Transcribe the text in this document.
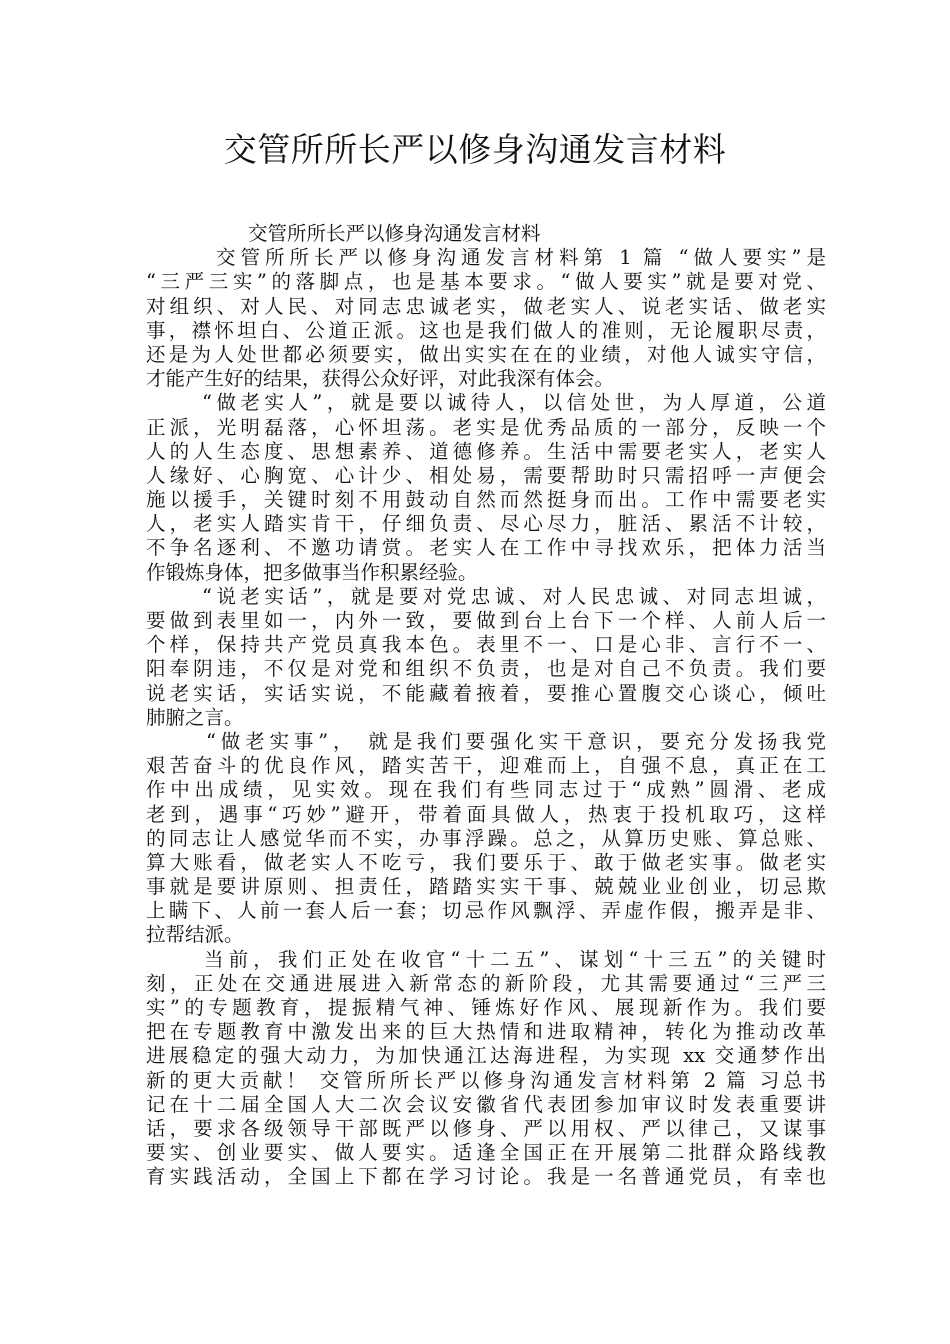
交管所所长严以修身沟通发言材料
交管所所长严以修身沟通发言材料
交管所所长严以修身沟通发言材料第 1 篇 “做人要实”是
“三严三实”的落脚点，也是基本要求。“做人要实”就是要对党、
对组织、对人民、对同志忠诚老实，做老实人、说老实话、做老实
事，襟怀坦白、公道正派。这也是我们做人的准则，无论履职尽责，
还是为人处世都必须要实，做出实实在在的业绩，对他人诚实守信，
才能产生好的结果，获得公众好评，对此我深有体会。
“做老实人”，就是要以诚待人，以信处世，为人厚道，公道
正派，光明磊落，心怀坦荡。老实是优秀品质的一部分，反映一个
人的人生态度、思想素养、道德修养。生活中需要老实人，老实人
人缘好、心胸宽、心计少、相处易，需要帮助时只需招呼一声便会
施以援手，关键时刻不用鼓动自然而然挺身而出。工作中需要老实
人，老实人踏实肯干，仔细负责、尽心尽力，脏活、累活不计较，
不争名逐利、不邀功请赏。老实人在工作中寻找欢乐，把体力活当
作锻炼身体，把多做事当作积累经验。
“说老实话”，就是要对党忠诚、对人民忠诚、对同志坦诚，
要做到表里如一，内外一致，要做到台上台下一个样、人前人后一
个样，保持共产党员真我本色。表里不一、口是心非、言行不一、
阳奉阴违，不仅是对党和组织不负责，也是对自己不负责。我们要
说老实话，实话实说，不能藏着掖着，要推心置腹交心谈心，倾吐
肺腑之言。
“做老实事”， 就是我们要强化实干意识，要充分发扬我党
艰苦奋斗的优良作风，踏实苦干，迎难而上，自强不息，真正在工
作中出成绩，见实效。现在我们有些同志过于“成熟”圆滑、老成
老到，遇事“巧妙”避开，带着面具做人，热衷于投机取巧，这样
的同志让人感觉华而不实，办事浮躁。总之，从算历史账、算总账、
算大账看，做老实人不吃亏，我们要乐于、敢于做老实事。做老实
事就是要讲原则、担责任，踏踏实实干事、兢兢业业创业，切忌欺
上瞒下、人前一套人后一套；切忌作风飘浮、弄虚作假，搬弄是非、
拉帮结派。
当前，我们正处在收官“十二五”、谋划“十三五”的关键时
刻，正处在交通进展进入新常态的新阶段，尤其需要通过“三严三
实”的专题教育，提振精气神、锤炼好作风、展现新作为。我们要
把在专题教育中激发出来的巨大热情和进取精神，转化为推动改革
进展稳定的强大动力，为加快通江达海进程，为实现 xx 交通梦作出
新的更大贡献！ 交管所所长严以修身沟通发言材料第 2 篇 习总书
记在十二届全国人大二次会议安徽省代表团参加审议时发表重要讲
话，要求各级领导干部既严以修身、严以用权、严以律己，又谋事
要实、创业要实、做人要实。适逢全国正在开展第二批群众路线教
育实践活动，全国上下都在学习讨论。我是一名普通党员，有幸也
